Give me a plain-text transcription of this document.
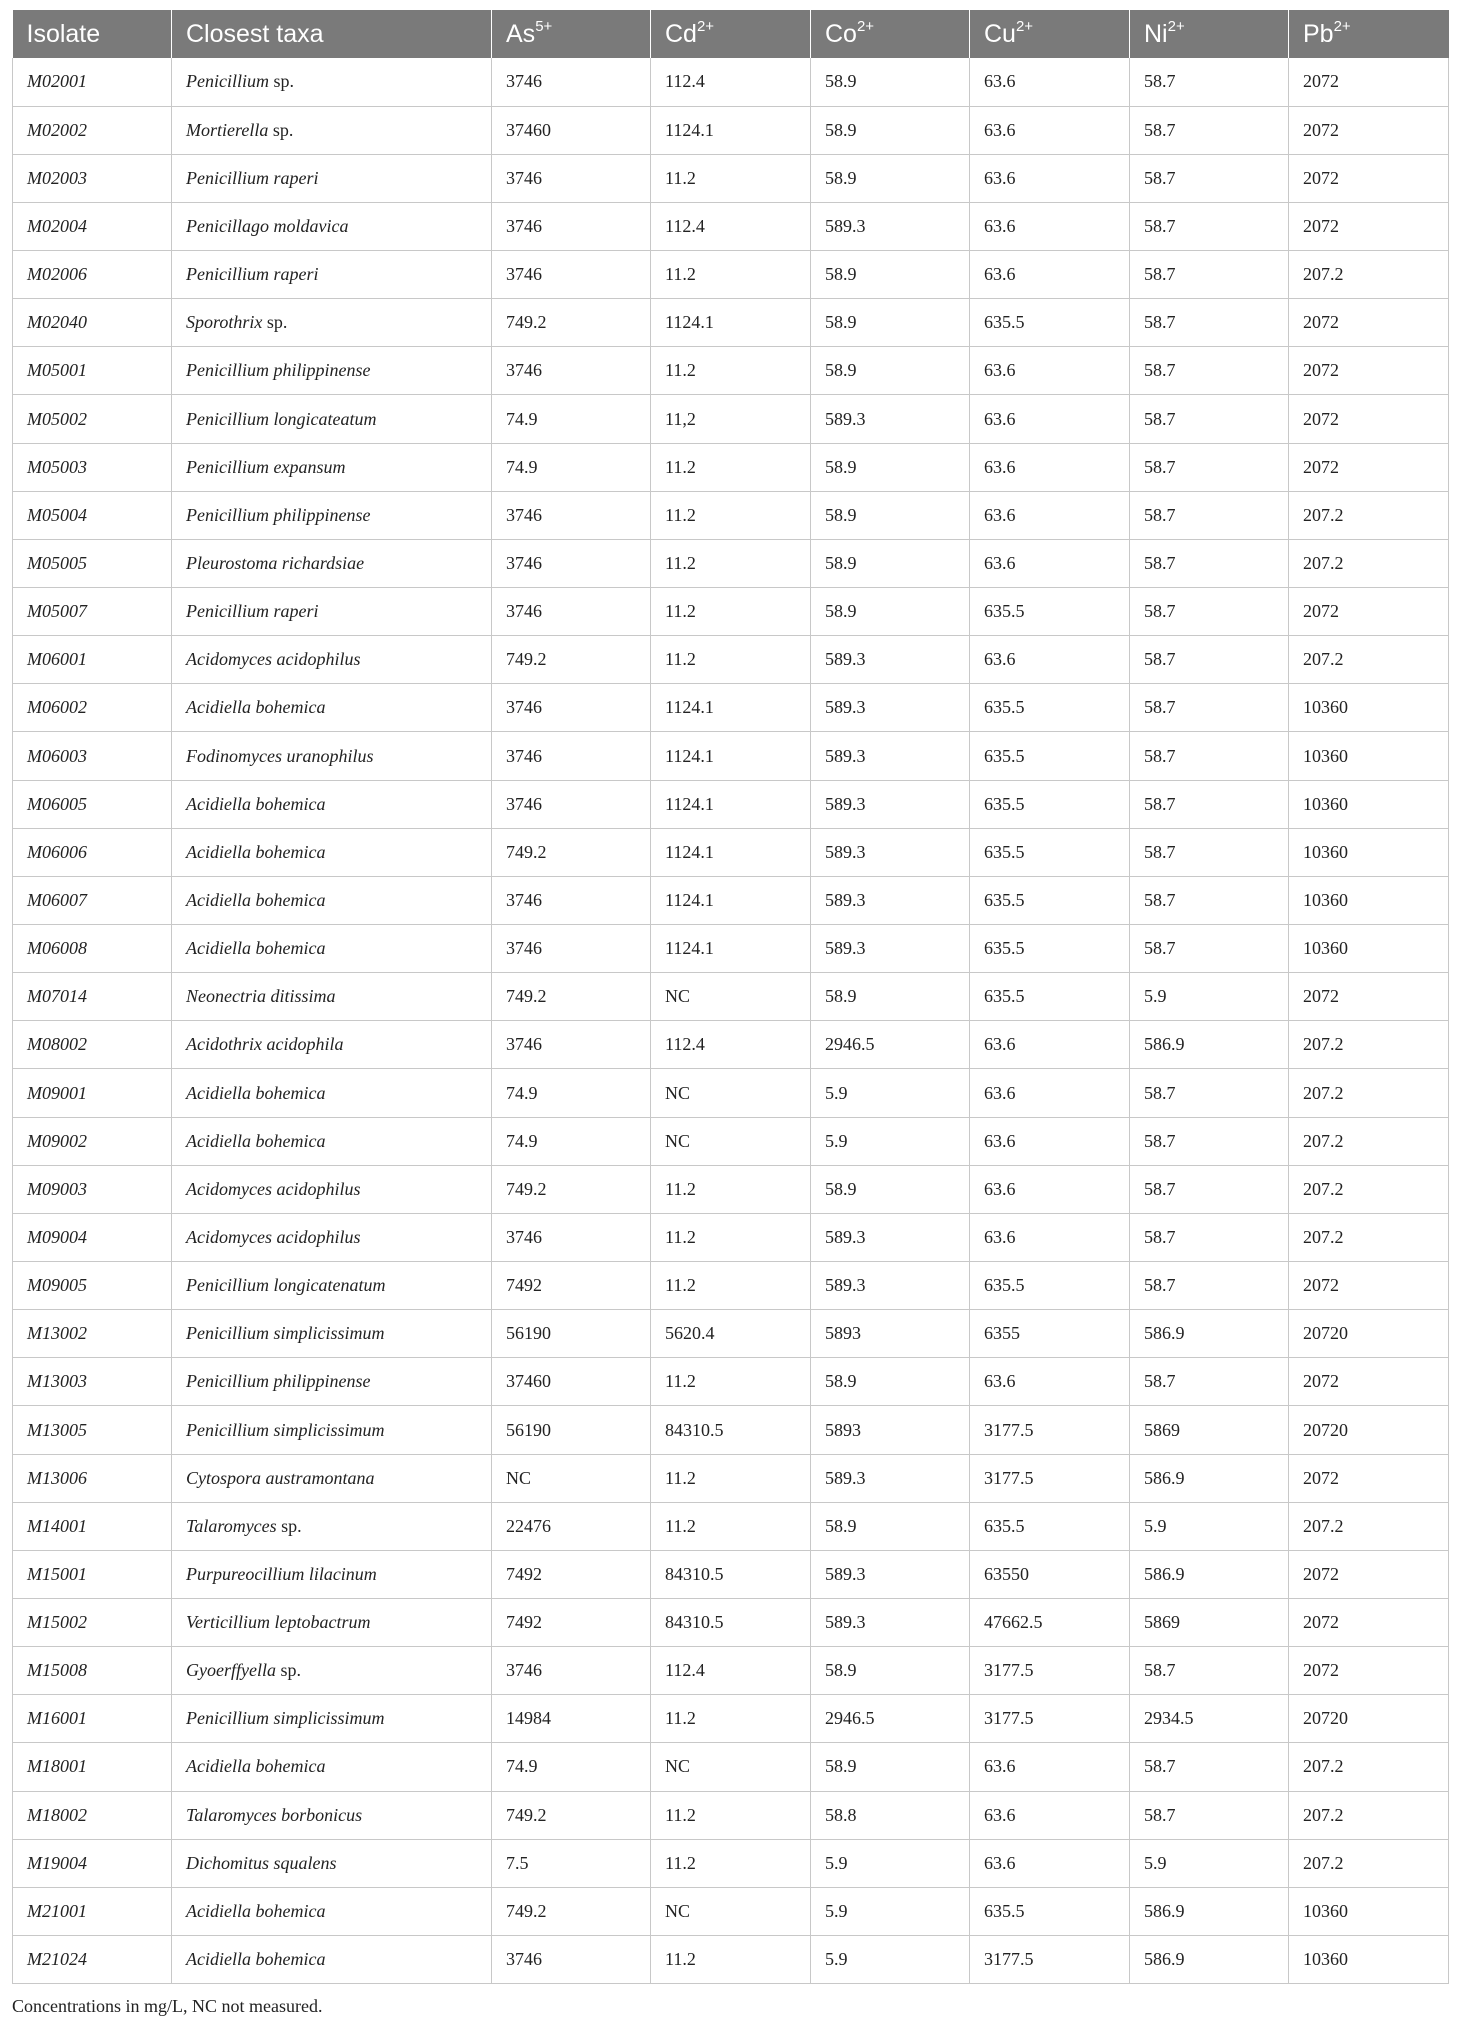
Isolate	Closest taxa	$As^{5+}$	$Cd^{2+}$	$Co^{2+}$	$Cu^{2+}$	$Ni^{2+}$	$Pb^{2+}$
M02001	Penicillium sp.	3746	112.4	58.9	63.6	58.7	2072
M02002	Mortierella sp.	37460	1124.1	58.9	63.6	58.7	2072
M02003	Penicillium raperi	3746	11.2	58.9	63.6	58.7	2072
M02004	Penicillago moldavica	3746	112.4	589.3	63.6	58.7	2072
M02006	Penicillium raperi	3746	11.2	58.9	63.6	58.7	207.2
M02040	Sporothrix sp.	749.2	1124.1	58.9	635.5	58.7	2072
M05001	Penicillium philippinense	3746	11.2	58.9	63.6	58.7	2072
M05002	Penicillium longicateatum	74.9	11,2	589.3	63.6	58.7	2072
M05003	Penicillium expansum	74.9	11.2	58.9	63.6	58.7	2072
M05004	Penicillium philippinense	3746	11.2	58.9	63.6	58.7	207.2
M05005	Pleurostoma richardsiae	3746	11.2	58.9	63.6	58.7	207.2
M05007	Penicillium raperi	3746	11.2	58.9	635.5	58.7	2072
M06001	Acidomyces acidophilus	749.2	11.2	589.3	63.6	58.7	207.2
M06002	Acidiella bohemica	3746	1124.1	589.3	635.5	58.7	10360
M06003	Fodinomyces uranophilus	3746	1124.1	589.3	635.5	58.7	10360
M06005	Acidiella bohemica	3746	1124.1	589.3	635.5	58.7	10360
M06006	Acidiella bohemica	749.2	1124.1	589.3	635.5	58.7	10360
M06007	Acidiella bohemica	3746	1124.1	589.3	635.5	58.7	10360
M06008	Acidiella bohemica	3746	1124.1	589.3	635.5	58.7	10360
M07014	Neonectria ditissima	749.2	NC	58.9	635.5	5.9	2072
M08002	Acidothrix acidophila	3746	112.4	2946.5	63.6	586.9	207.2
M09001	Acidiella bohemica	74.9	NC	5.9	63.6	58.7	207.2
M09002	Acidiella bohemica	74.9	NC	5.9	63.6	58.7	207.2
M09003	Acidomyces acidophilus	749.2	11.2	58.9	63.6	58.7	207.2
M09004	Acidomyces acidophilus	3746	11.2	589.3	63.6	58.7	207.2
M09005	Penicillium longicatenatum	7492	11.2	589.3	635.5	58.7	2072
M13002	Penicillium simplicissimum	56190	5620.4	5893	6355	586.9	20720
M13003	Penicillium philippinense	37460	11.2	58.9	63.6	58.7	2072
M13005	Penicillium simplicissimum	56190	84310.5	5893	3177.5	5869	20720
M13006	Cytospora austramontana	NC	11.2	589.3	3177.5	586.9	2072
M14001	Talaromyces sp.	22476	11.2	58.9	635.5	5.9	207.2
M15001	Purpureocillium lilacinum	7492	84310.5	589.3	63550	586.9	2072
M15002	Verticillium leptobactrum	7492	84310.5	589.3	47662.5	5869	2072
M15008	Gyoerffyella sp.	3746	112.4	58.9	3177.5	58.7	2072
M16001	Penicillium simplicissimum	14984	11.2	2946.5	3177.5	2934.5	20720
M18001	Acidiella bohemica	74.9	NC	58.9	63.6	58.7	207.2
M18002	Talaromyces borbonicus	749.2	11.2	58.8	63.6	58.7	207.2
M19004	Dichomitus squalens	7.5	11.2	5.9	63.6	5.9	207.2
M21001	Acidiella bohemica	749.2	NC	5.9	635.5	586.9	10360
M21024	Acidiella bohemica	3746	11.2	5.9	3177.5	586.9	10360
Concentrations in mg/L, NC not measured.
